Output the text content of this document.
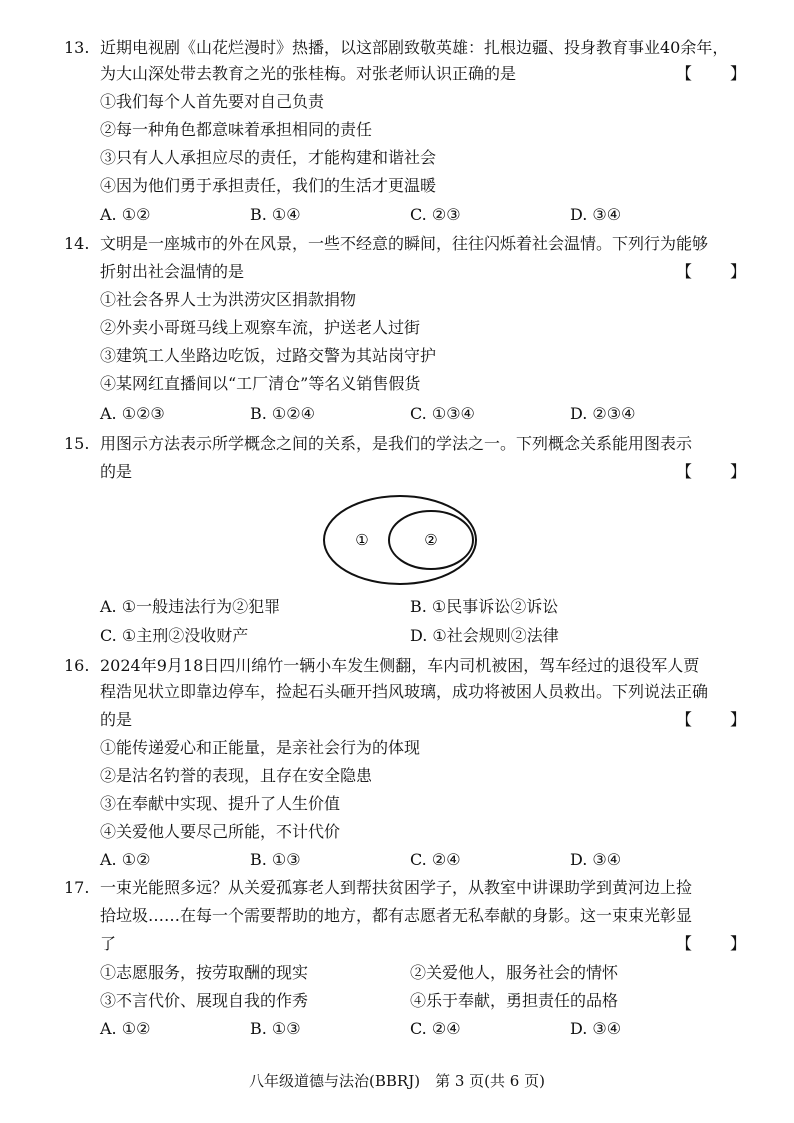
13. 近期电视剧《山花烂漫时》热播，以这部剧致敬英雄：扎根边疆、投身教育事业40余年，
为大山深处带去教育之光的张桂梅。对张老师认识正确的是	【　　】
①我们每个人首先要对自己负责
②每一种角色都意味着承担相同的责任
③只有人人承担应尽的责任，才能构建和谐社会
④因为他们勇于承担责任，我们的生活才更温暖
A. ①②	B. ①④	C. ②③	D. ③④
14. 文明是一座城市的外在风景，一些不经意的瞬间，往往闪烁着社会温情。下列行为能够
折射出社会温情的是	【　　】
①社会各界人士为洪涝灾区捐款捐物
②外卖小哥斑马线上观察车流，护送老人过街
③建筑工人坐路边吃饭，过路交警为其站岗守护
④某网红直播间以“工厂清仓”等名义销售假货
A. ①②③	B. ①②④	C. ①③④	D. ②③④
15. 用图示方法表示所学概念之间的关系，是我们的学法之一。下列概念关系能用图表示
的是	【　　】
①	②
A. ①一般违法行为②犯罪	B. ①民事诉讼②诉讼
C. ①主刑②没收财产	D. ①社会规则②法律
16. 2024年9月18日四川绵竹一辆小车发生侧翻，车内司机被困，驾车经过的退役军人贾
程浩见状立即靠边停车，捡起石头砸开挡风玻璃，成功将被困人员救出。下列说法正确
的是	【　　】
①能传递爱心和正能量，是亲社会行为的体现
②是沽名钓誉的表现，且存在安全隐患
③在奉献中实现、提升了人生价值
④关爱他人要尽己所能，不计代价
A. ①②	B. ①③	C. ②④	D. ③④
17. 一束光能照多远？从关爱孤寡老人到帮扶贫困学子，从教室中讲课助学到黄河边上捡
拾垃圾……在每一个需要帮助的地方，都有志愿者无私奉献的身影。这一束束光彰显
了	【　　】
①志愿服务，按劳取酬的现实	②关爱他人，服务社会的情怀
③不言代价、展现自我的作秀	④乐于奉献，勇担责任的品格
A. ①②	B. ①③	C. ②④	D. ③④
八年级道德与法治(BBRJ)　第 3 页(共 6 页)
